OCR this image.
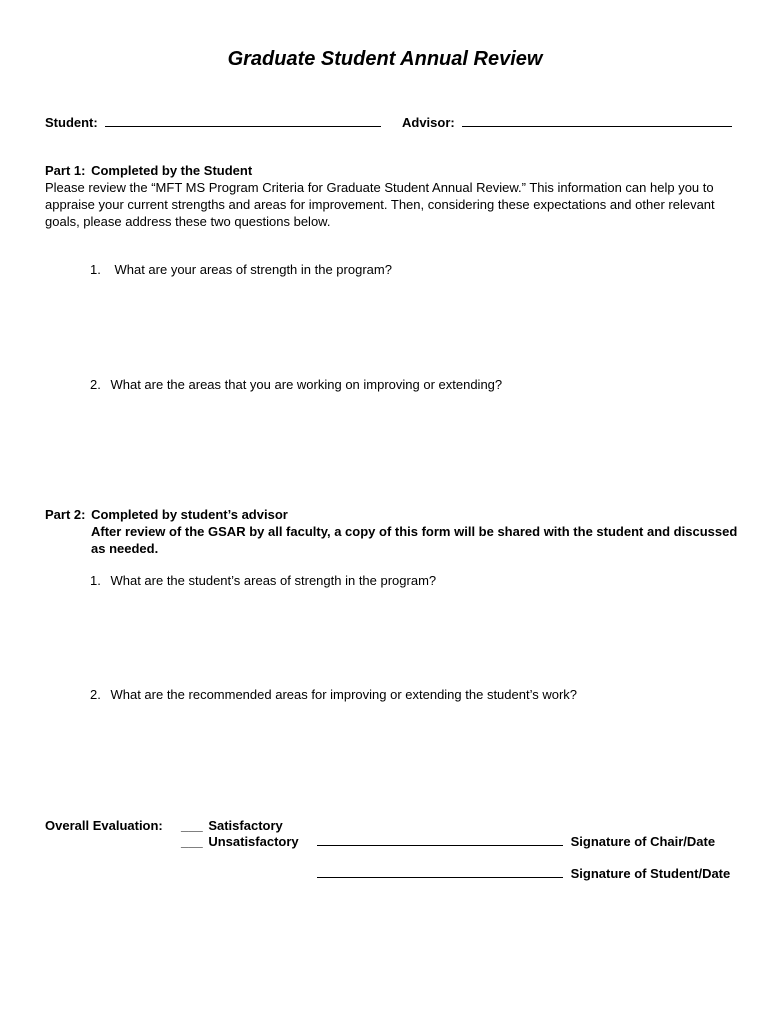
Graduate Student Annual Review
Student:	Advisor:
Part 1: Completed by the Student
Please review the “MFT MS Program Criteria for Graduate Student Annual Review.” This information can help you to appraise your current strengths and areas for improvement. Then, considering these expectations and other relevant goals, please address these two questions below.
1. What are your areas of strength in the program?
2. What are the areas that you are working on improving or extending?
Part 2: Completed by student’s advisor
After review of the GSAR by all faculty, a copy of this form will be shared with the student and discussed as needed.
1. What are the student’s areas of strength in the program?
2. What are the recommended areas for improving or extending the student’s work?
Overall Evaluation: ___ Satisfactory
___ Unsatisfactory	Signature of Chair/Date
Signature of Student/Date
